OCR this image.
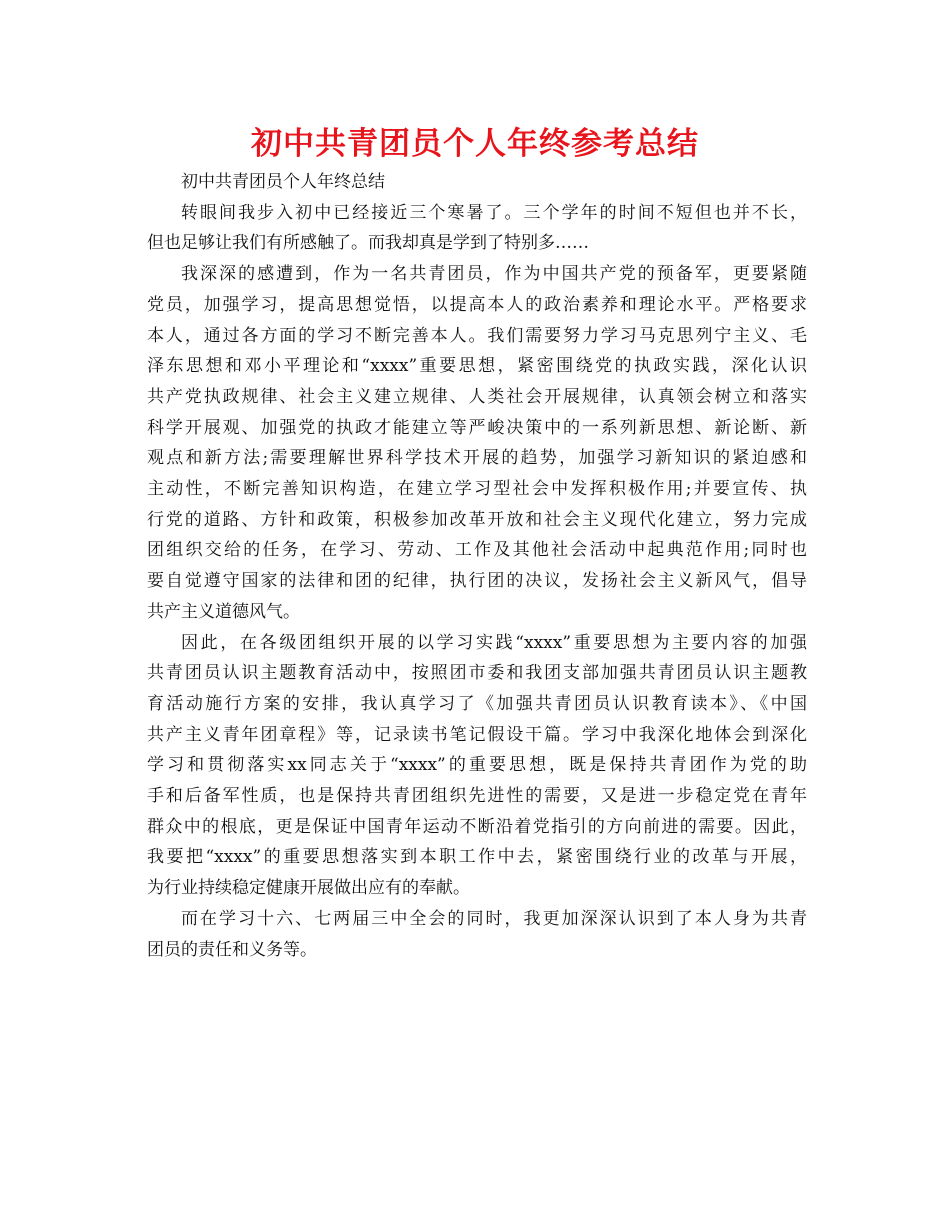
初中共青团员个人年终参考总结
初中共青团员个人年终总结
转眼间我步入初中已经接近三个寒暑了。三个学年的时间不短但也并不长，
但也足够让我们有所感触了。而我却真是学到了特别多……
我深深的感遭到，作为一名共青团员，作为中国共产党的预备军，更要紧随
党员，加强学习，提高思想觉悟，以提高本人的政治素养和理论水平。严格要求
本人，通过各方面的学习不断完善本人。我们需要努力学习马克思列宁主义、毛
泽东思想和邓小平理论和“xxxx”重要思想，紧密围绕党的执政实践，深化认识
共产党执政规律、社会主义建立规律、人类社会开展规律，认真领会树立和落实
科学开展观、加强党的执政才能建立等严峻决策中的一系列新思想、新论断、新
观点和新方法;需要理解世界科学技术开展的趋势，加强学习新知识的紧迫感和
主动性，不断完善知识构造，在建立学习型社会中发挥积极作用;并要宣传、执
行党的道路、方针和政策，积极参加改革开放和社会主义现代化建立，努力完成
团组织交给的任务，在学习、劳动、工作及其他社会活动中起典范作用;同时也
要自觉遵守国家的法律和团的纪律，执行团的决议，发扬社会主义新风气，倡导
共产主义道德风气。
因此，在各级团组织开展的以学习实践“xxxx”重要思想为主要内容的加强
共青团员认识主题教育活动中，按照团市委和我团支部加强共青团员认识主题教
育活动施行方案的安排，我认真学习了《加强共青团员认识教育读本》、《中国
共产主义青年团章程》等，记录读书笔记假设干篇。学习中我深化地体会到深化
学习和贯彻落实xx同志关于“xxxx”的重要思想，既是保持共青团作为党的助
手和后备军性质，也是保持共青团组织先进性的需要，又是进一步稳定党在青年
群众中的根底，更是保证中国青年运动不断沿着党指引的方向前进的需要。因此，
我要把“xxxx”的重要思想落实到本职工作中去，紧密围绕行业的改革与开展，
为行业持续稳定健康开展做出应有的奉献。
而在学习十六、七两届三中全会的同时，我更加深深认识到了本人身为共青
团员的责任和义务等。
